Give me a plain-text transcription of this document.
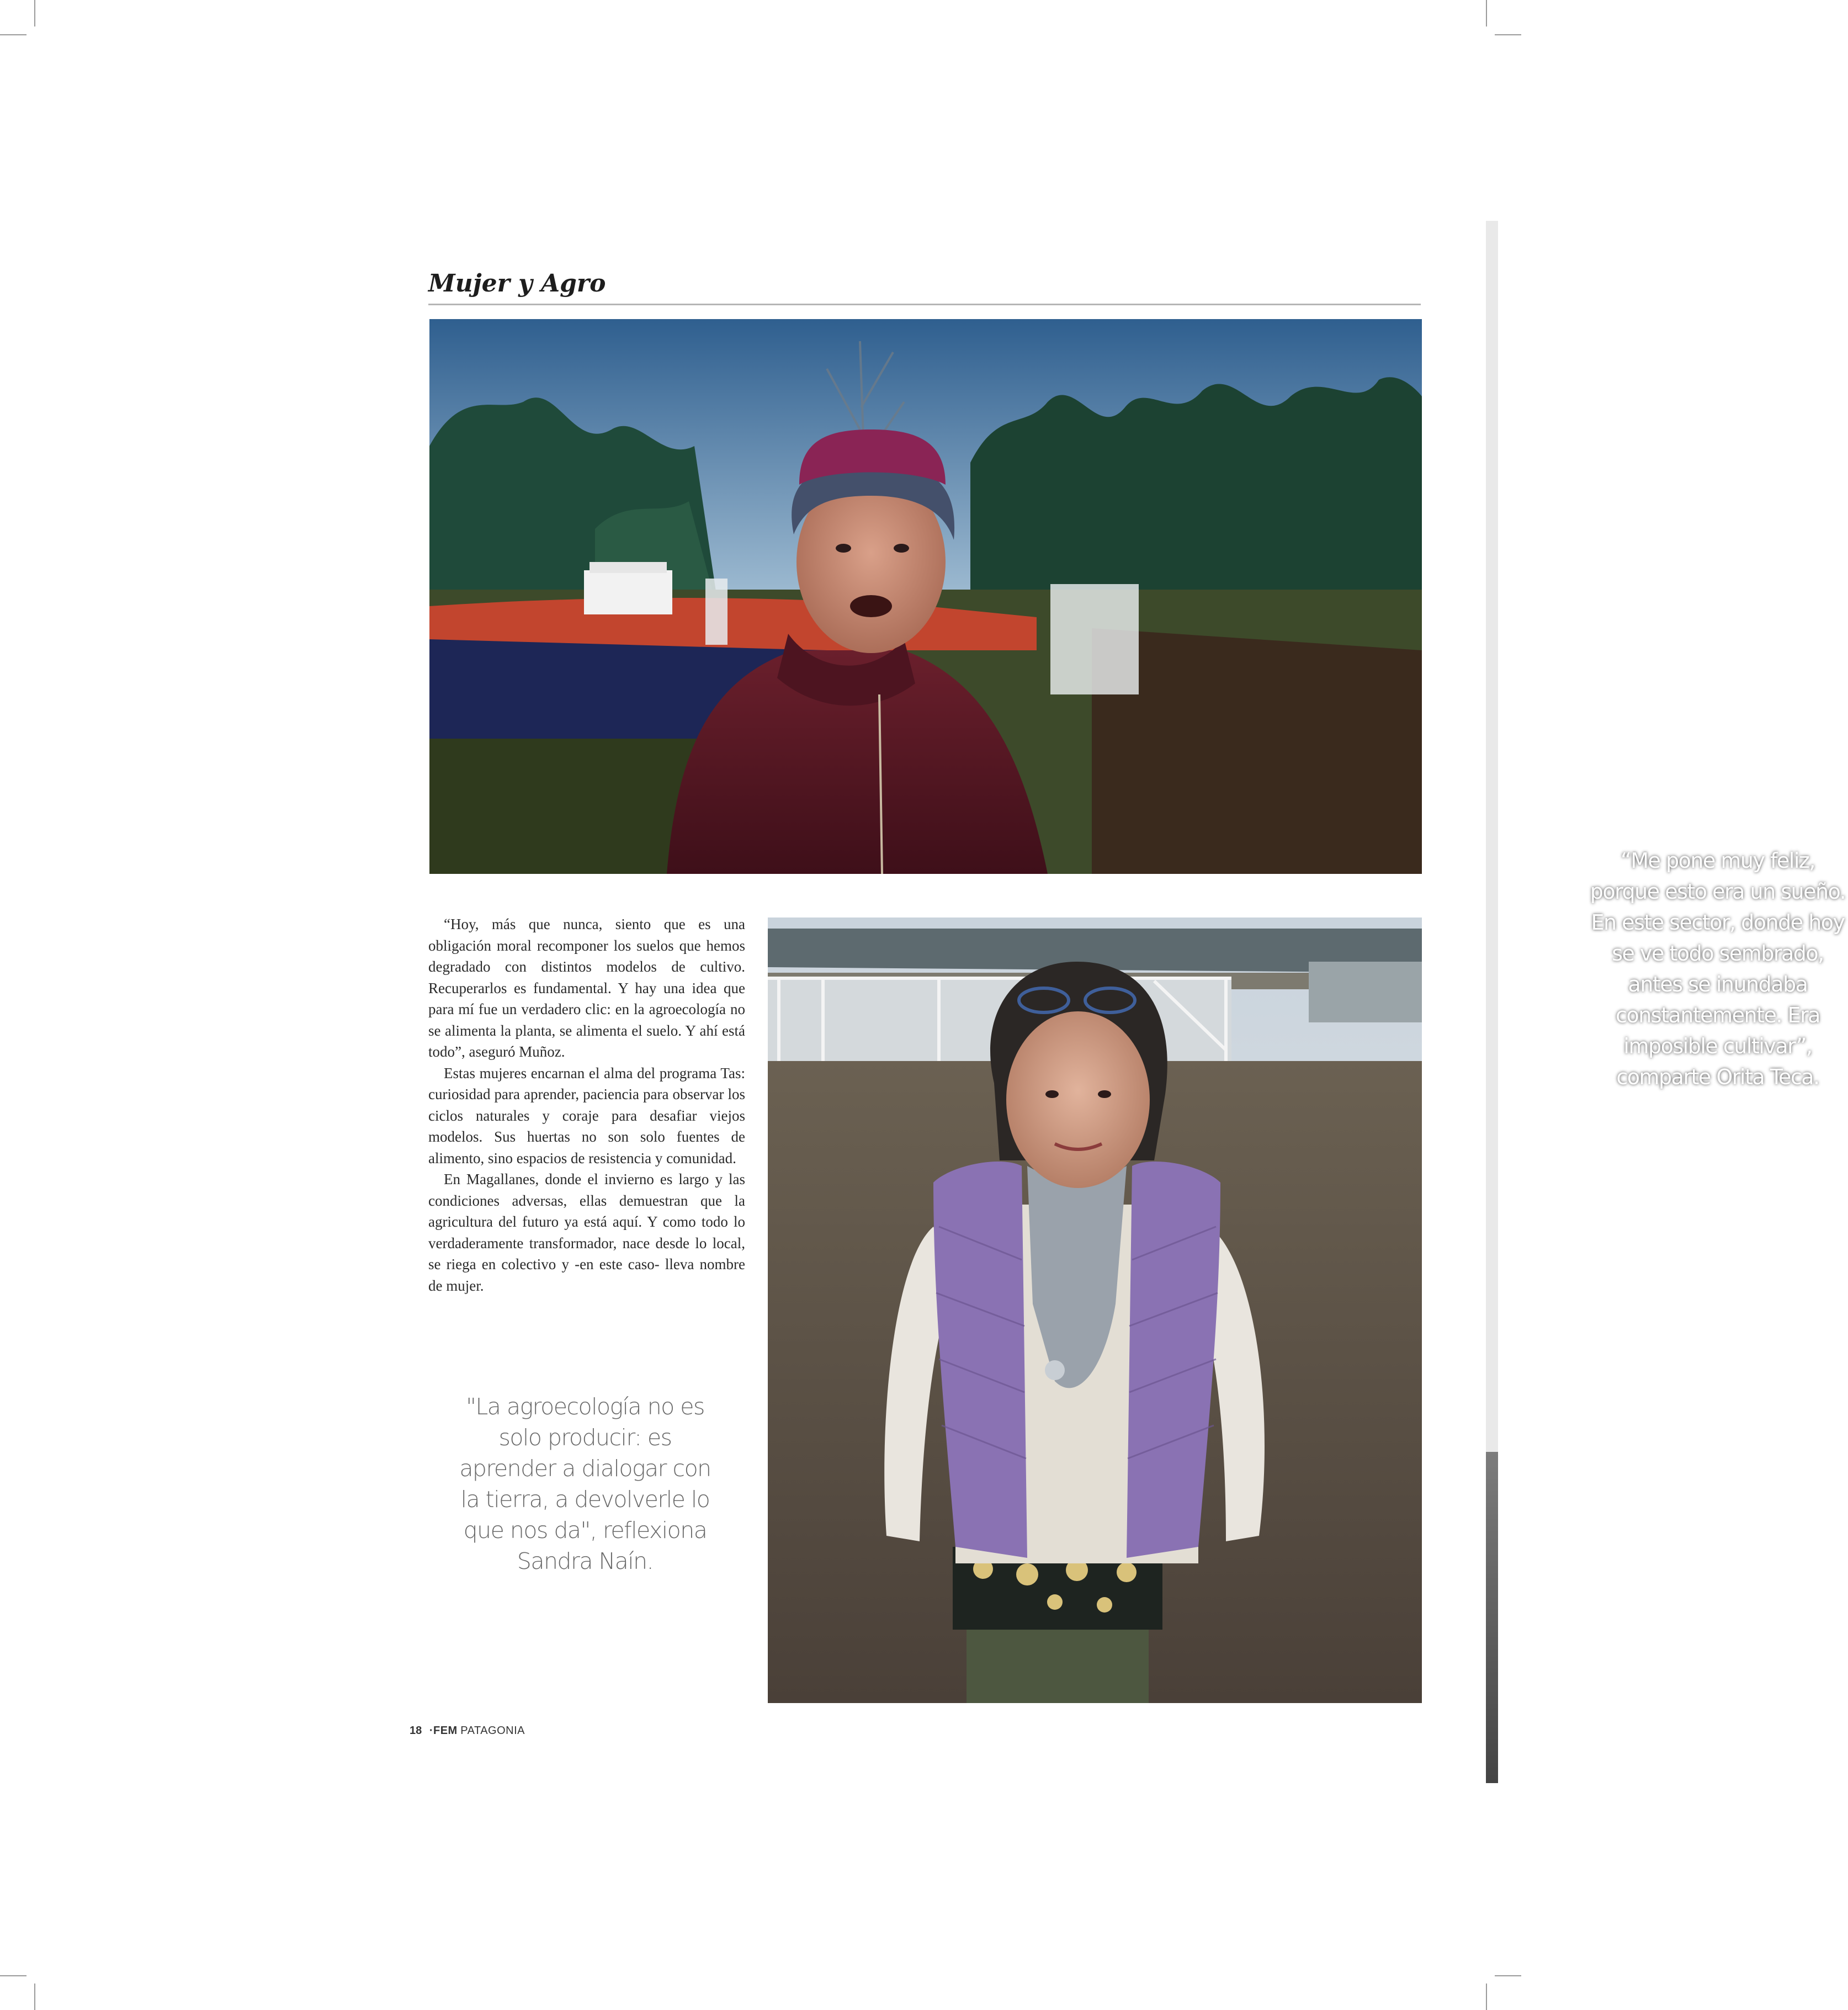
Mujer y Agro

“Me pone muy feliz, porque esto era un sueño. En este sector, donde hoy se ve todo sembrado, antes se inundaba constantemente. Era imposible cultivar”, comparte Orita Teca.

“Hoy, más que nunca, siento que es una obligación moral recomponer los suelos que hemos degradado con distintos modelos de cultivo. Recuperarlos es fundamental. Y hay una idea que para mí fue un verdadero clic: en la agroecología no se alimenta la planta, se alimenta el suelo. Y ahí está todo”, aseguró Muñoz.

Estas mujeres encarnan el alma del programa Tas: curiosidad para aprender, paciencia para observar los ciclos naturales y coraje para desafiar viejos modelos. Sus huertas no son solo fuentes de alimento, sino espacios de resistencia y comunidad.

En Magallanes, donde el invierno es largo y las condiciones adversas, ellas demuestran que la agricultura del futuro ya está aquí. Y como todo lo verdaderamente transformador, nace desde lo local, se riega en colectivo y -en este caso- lleva nombre de mujer.

"La agroecología no es solo producir: es aprender a dialogar con la tierra, a devolverle lo que nos da", reflexiona Sandra Naín.

18 ·FEM PATAGONIA
